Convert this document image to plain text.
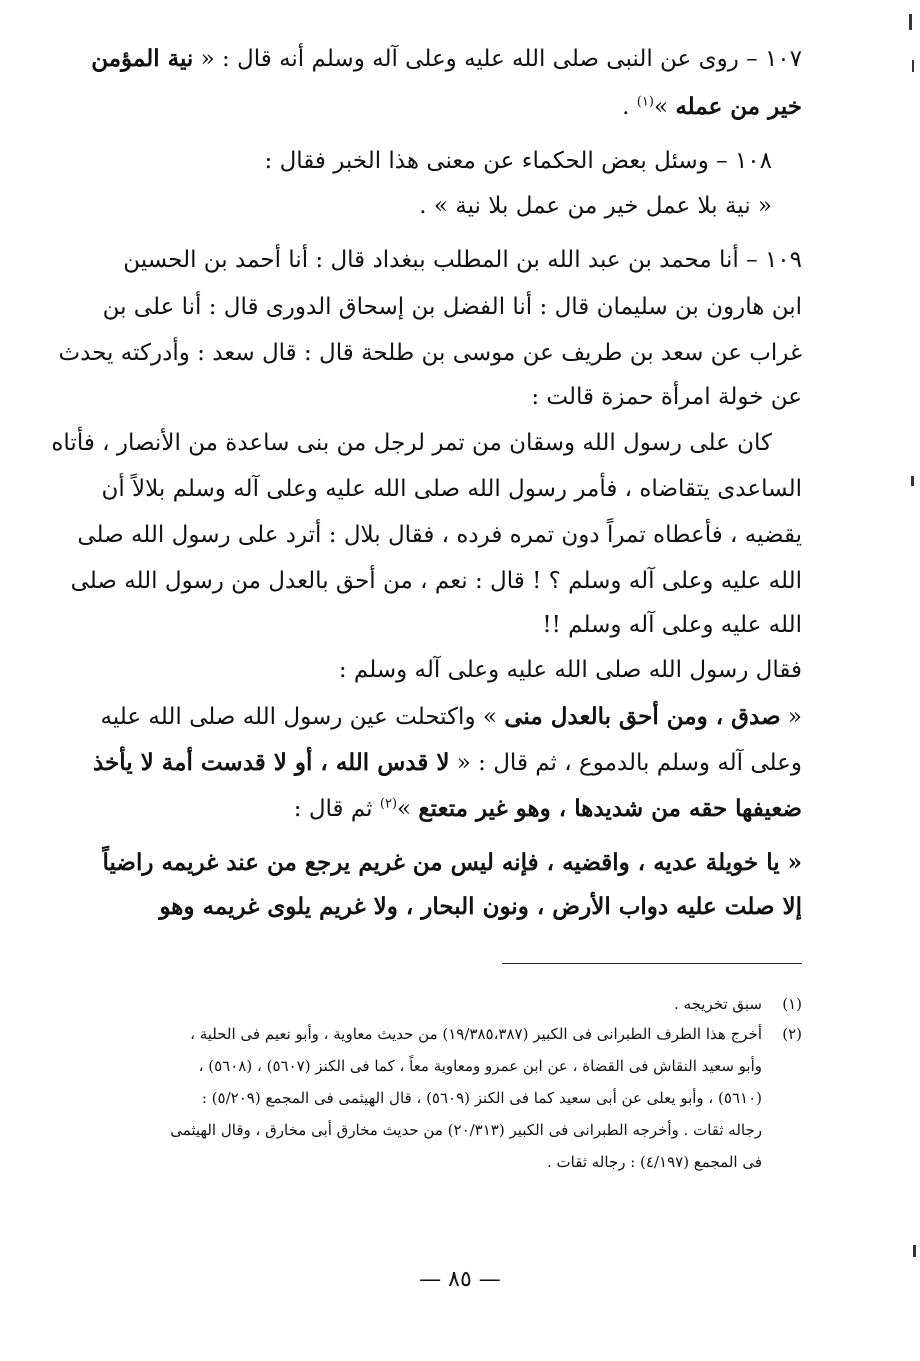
١٠٧ – روى عن النبى صلى الله عليه وعلى آله وسلم أنه قال : « نية المؤمن
خير من عمله »$^{(١)}$ .
١٠٨ – وسئل بعض الحكماء عن معنى هذا الخبر فقال :
« نية بلا عمل خير من عمل بلا نية » .
١٠٩ – أنا محمد بن عبد الله بن المطلب ببغداد قال : أنا أحمد بن الحسين
ابن هارون بن سليمان قال : أنا الفضل بن إسحاق الدورى قال : أنا على بن
غراب عن سعد بن طريف عن موسى بن طلحة قال : قال سعد : وأدركته يحدث
عن خولة امرأة حمزة قالت :
كان على رسول الله وسقان من تمر لرجل من بنى ساعدة من الأنصار ، فأتاه
الساعدى يتقاضاه ، فأمر رسول الله صلى الله عليه وعلى آله وسلم بلالاً أن
يقضيه ، فأعطاه تمراً دون تمره فرده ، فقال بلال : أترد على رسول الله صلى
الله عليه وعلى آله وسلم ؟ ! قال : نعم ، من أحق بالعدل من رسول الله صلى
الله عليه وعلى آله وسلم !!
فقال رسول الله صلى الله عليه وعلى آله وسلم :
« صدق ، ومن أحق بالعدل منى » واكتحلت عين رسول الله صلى الله عليه
وعلى آله وسلم بالدموع ، ثم قال : « لا قدس الله ، أو لا قدست أمة لا يأخذ
ضعيفها حقه من شديدها ، وهو غير متعتع »$^{(٢)}$ ثم قال :
« يا خويلة عديه ، واقضيه ، فإنه ليس من غريم يرجع من عند غريمه راضياً
إلا صلت عليه دواب الأرض ، ونون البحار ، ولا غريم يلوى غريمه وهو
(١)
سبق تخريجه .
(٢)
أخرج هذا الطرف الطبرانى فى الكبير (١٩/٣٨٥،٣٨٧) من حديث معاوية ، وأبو نعيم فى الحلية ،
وأبو سعيد النقاش فى القضاة ، عن ابن عمرو ومعاوية معاً ، كما فى الكنز (٥٦٠٧) ، (٥٦٠٨) ،
(٥٦١٠) ، وأبو يعلى عن أبى سعيد كما فى الكنز (٥٦٠٩) ، قال الهيثمى فى المجمع (٥/٢٠٩) :
رجاله ثقات . وأخرجه الطبرانى فى الكبير (٢٠/٣١٣) من حديث مخارق أبى مخارق ، وقال الهيثمى
فى المجمع (٤/١٩٧) : رجاله ثقات .
— ٨٥ —
